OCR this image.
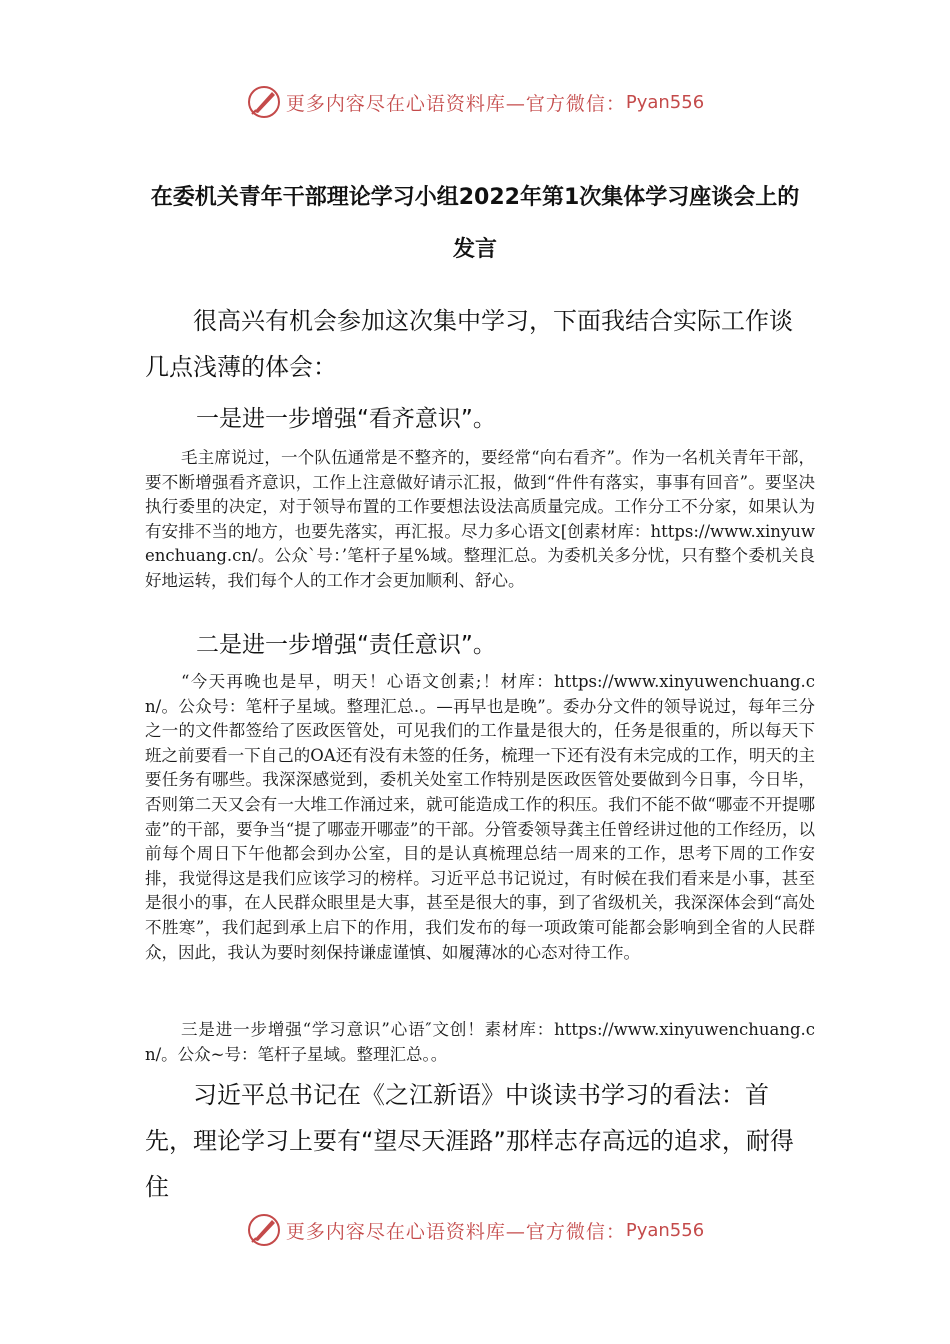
更多内容尽在心语资料库—官方微信： Pyan556
在委机关青年干部理论学习小组2022年第1次集体学习座谈会上的发言

很高兴有机会参加这次集中学习，下面我结合实际工作谈几点浅薄的体会：

一是进一步增强“看齐意识”。

毛主席说过，一个队伍通常是不整齐的，要经常“向右看齐”。作为一名机关青年干部，要不断增强看齐意识，工作上注意做好请示汇报，做到“件件有落实，事事有回音”。要坚决执行委里的决定，对于领导布置的工作要想法设法高质量完成。工作分工不分家，如果认为有安排不当的地方，也要先落实，再汇报。尽力多心语文[创素材库：https://www.xinyuwenchuang.cn/。公众`号：’笔杆子星%域。整理汇总。为委机关多分忧，只有整个委机关良好地运转，我们每个人的工作才会更加顺利、舒心。

二是进一步增强“责任意识”。

“今天再晚也是早，明天！心语文创素;！材库：https://www.xinyuwenchuang.cn/。公众号：笔杆子星域。整理汇总.。—再早也是晚”。委办分文件的领导说过，每年三分之一的文件都签给了医政医管处，可见我们的工作量是很大的，任务是很重的，所以每天下班之前要看一下自己的OA还有没有未签的任务，梳理一下还有没有未完成的工作，明天的主要任务有哪些。我深深感觉到，委机关处室工作特别是医政医管处要做到今日事，今日毕，否则第二天又会有一大堆工作涌过来，就可能造成工作的积压。我们不能不做“哪壶不开提哪壶”的干部，要争当“提了哪壶开哪壶”的干部。分管委领导龚主任曾经讲过他的工作经历，以前每个周日下午他都会到办公室，目的是认真梳理总结一周来的工作，思考下周的工作安排，我觉得这是我们应该学习的榜样。习近平总书记说过，有时候在我们看来是小事，甚至是很小的事，在人民群众眼里是大事，甚至是很大的事，到了省级机关，我深深体会到“高处不胜寒”，我们起到承上启下的作用，我们发布的每一项政策可能都会影响到全省的人民群众，因此，我认为要时刻保持谦虚谨慎、如履薄冰的心态对待工作。

三是进一步增强“学习意识”心语″文创！素材库：https://www.xinyuwenchuang.cn/。公众~号：笔杆子星域。整理汇总。。

习近平总书记在《之江新语》中谈读书学习的看法：首先，理论学习上要有“望尽天涯路”那样志存高远的追求，耐得住

更多内容尽在心语资料库—官方微信： Pyan556
